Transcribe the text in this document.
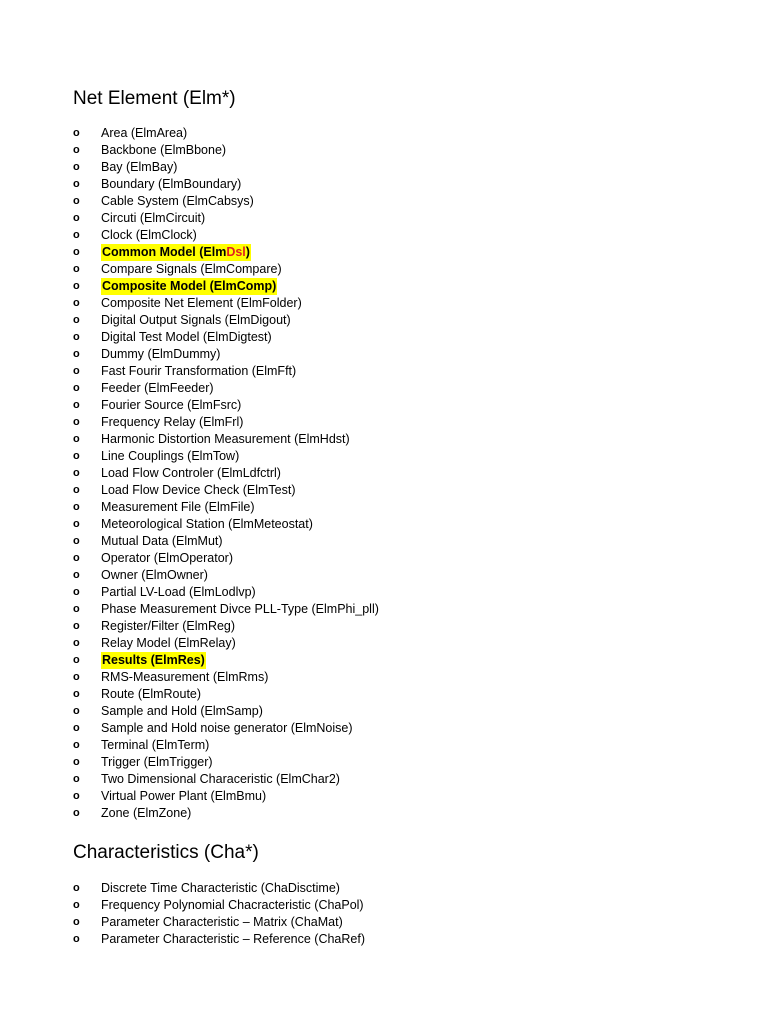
Net Element (Elm*)
o	Area (ElmArea)
o	Backbone (ElmBbone)
o	Bay (ElmBay)
o	Boundary (ElmBoundary)
o	Cable System (ElmCabsys)
o	Circuti (ElmCircuit)
o	Clock (ElmClock)
o	Common Model (ElmDsl)
o	Compare Signals (ElmCompare)
o	Composite Model (ElmComp)
o	Composite Net Element (ElmFolder)
o	Digital Output Signals (ElmDigout)
o	Digital Test Model (ElmDigtest)
o	Dummy (ElmDummy)
o	Fast Fourir Transformation (ElmFft)
o	Feeder (ElmFeeder)
o	Fourier Source (ElmFsrc)
o	Frequency Relay (ElmFrl)
o	Harmonic Distortion Measurement (ElmHdst)
o	Line Couplings (ElmTow)
o	Load Flow Controler (ElmLdfctrl)
o	Load Flow Device Check (ElmTest)
o	Measurement File (ElmFile)
o	Meteorological Station (ElmMeteostat)
o	Mutual Data (ElmMut)
o	Operator (ElmOperator)
o	Owner (ElmOwner)
o	Partial LV-Load (ElmLodlvp)
o	Phase Measurement Divce PLL-Type (ElmPhi_pll)
o	Register/Filter (ElmReg)
o	Relay Model (ElmRelay)
o	Results (ElmRes)
o	RMS-Measurement (ElmRms)
o	Route (ElmRoute)
o	Sample and Hold (ElmSamp)
o	Sample and Hold noise generator (ElmNoise)
o	Terminal (ElmTerm)
o	Trigger (ElmTrigger)
o	Two Dimensional Characeristic (ElmChar2)
o	Virtual Power Plant (ElmBmu)
o	Zone (ElmZone)
Characteristics (Cha*)
o	Discrete Time Characteristic (ChaDisctime)
o	Frequency Polynomial Chacracteristic (ChaPol)
o	Parameter Characteristic – Matrix (ChaMat)
o	Parameter Characteristic – Reference (ChaRef)
